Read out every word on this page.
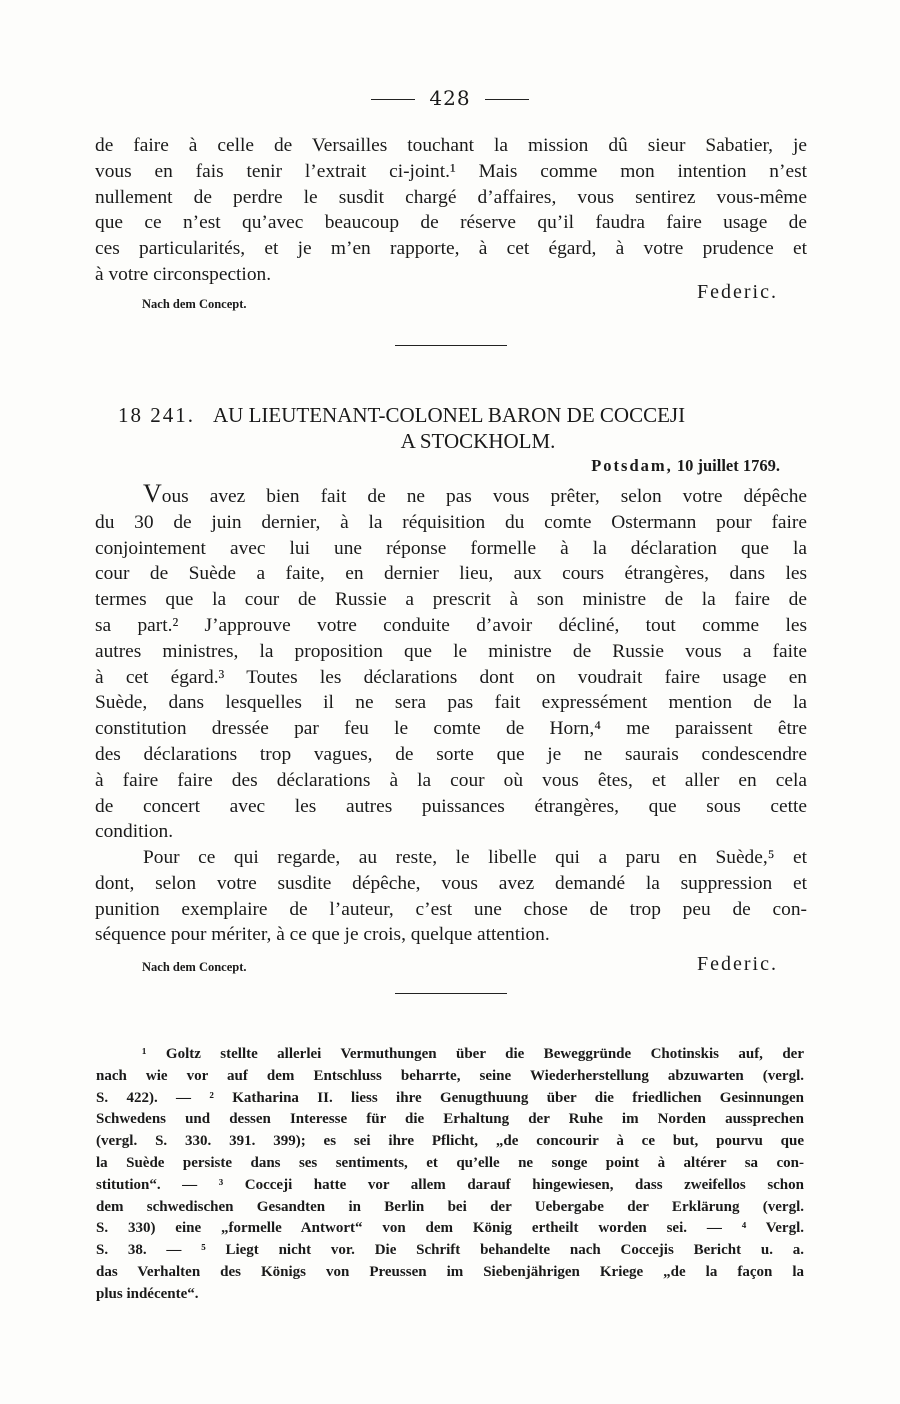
428
de faire à celle de Versailles touchant la mission dû sieur Sabatier, je
vous en fais tenir l’extrait ci-joint.¹ Mais comme mon intention n’est
nullement de perdre le susdit chargé d’affaires, vous sentirez vous-même
que ce n’est qu’avec beaucoup de réserve qu’il faudra faire usage de
ces particularités, et je m’en rapporte, à cet égard, à votre prudence et
à votre circonspection.
Federic.
Nach dem Concept.
18 241. AU LIEUTENANT-COLONEL BARON DE COCCEJI
A STOCKHOLM.
Potsdam, 10 juillet 1769.
Vous avez bien fait de ne pas vous prêter, selon votre dépêche
du 30 de juin dernier, à la réquisition du comte Ostermann pour faire
conjointement avec lui une réponse formelle à la déclaration que la
cour de Suède a faite, en dernier lieu, aux cours étrangères, dans les
termes que la cour de Russie a prescrit à son ministre de la faire de
sa part.² J’approuve votre conduite d’avoir décliné, tout comme les
autres ministres, la proposition que le ministre de Russie vous a faite
à cet égard.³ Toutes les déclarations dont on voudrait faire usage en
Suède, dans lesquelles il ne sera pas fait expressément mention de la
constitution dressée par feu le comte de Horn,⁴ me paraissent être
des déclarations trop vagues, de sorte que je ne saurais condescendre
à faire faire des déclarations à la cour où vous êtes, et aller en cela
de concert avec les autres puissances étrangères, que sous cette
condition.
Pour ce qui regarde, au reste, le libelle qui a paru en Suède,⁵ et
dont, selon votre susdite dépêche, vous avez demandé la suppression et
punition exemplaire de l’auteur, c’est une chose de trop peu de con-
séquence pour mériter, à ce que je crois, quelque attention.
Nach dem Concept.	Federic.
¹ Goltz stellte allerlei Vermuthungen über die Beweggründe Chotinskis auf, der
nach wie vor auf dem Entschluss beharrte, seine Wiederherstellung abzuwarten (vergl.
S. 422). — ² Katharina II. liess ihre Genugthuung über die friedlichen Gesinnungen
Schwedens und dessen Interesse für die Erhaltung der Ruhe im Norden aussprechen
(vergl. S. 330. 391. 399); es sei ihre Pflicht, „de concourir à ce but, pourvu que
la Suède persiste dans ses sentiments, et qu’elle ne songe point à altérer sa con-
stitution“. — ³ Cocceji hatte vor allem darauf hingewiesen, dass zweifellos schon
dem schwedischen Gesandten in Berlin bei der Uebergabe der Erklärung (vergl.
S. 330) eine „formelle Antwort“ von dem König ertheilt worden sei. — ⁴ Vergl.
S. 38. — ⁵ Liegt nicht vor. Die Schrift behandelte nach Coccejis Bericht u. a.
das Verhalten des Königs von Preussen im Siebenjährigen Kriege „de la façon la
plus indécente“.
